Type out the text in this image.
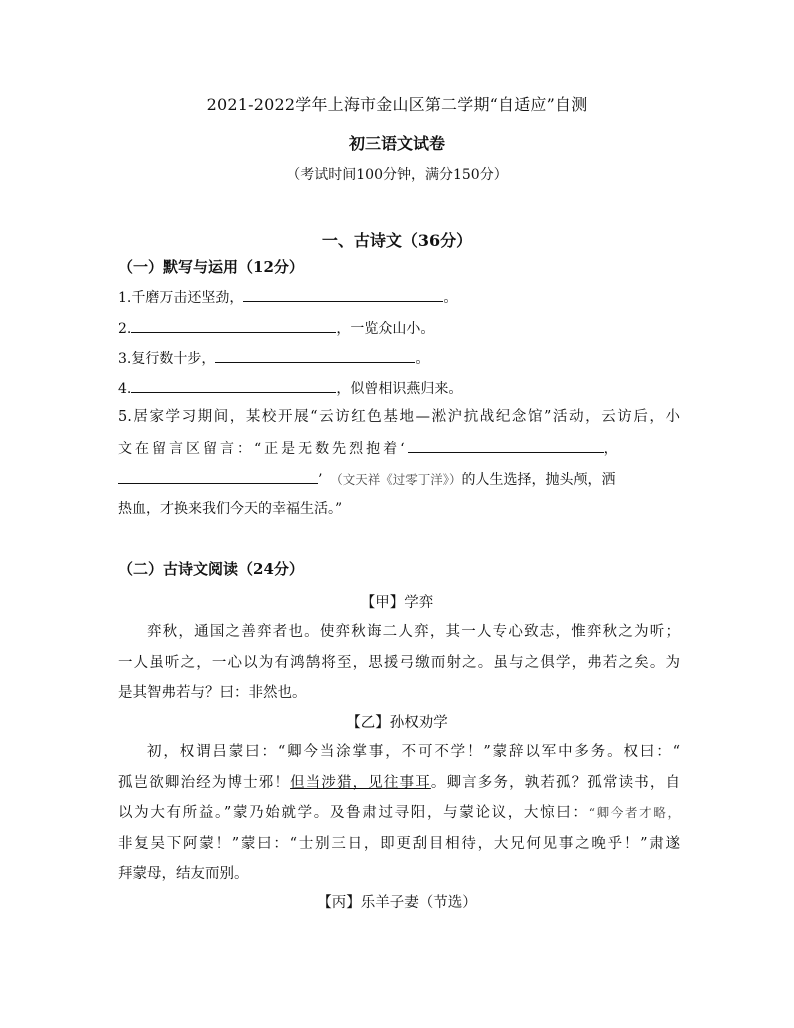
2021-2022学年上海市金山区第二学期“自适应”自测
初三语文试卷
（考试时间100分钟，满分150分）
一、古诗文（36分）
（一）默写与运用（12分）
1.千磨万击还坚劲，	。
2.	，一览众山小。
3.复行数十步，	。
4.	，似曾相识燕归来。
5.居家学习期间，某校开展“云访红色基地—淞沪抗战纪念馆”活动，云访后，小
文在留言区留言：“正是无数先烈抱着‘	，
’ （文天祥《过零丁洋》）的人生选择，抛头颅，洒
热血，才换来我们今天的幸福生活。”
（二）古诗文阅读（24分）
【甲】学弈
弈秋，通国之善弈者也。使弈秋诲二人弈，其一人专心致志，惟弈秋之为听；
一人虽听之，一心以为有鸿鹄将至，思援弓缴而射之。虽与之俱学，弗若之矣。为
是其智弗若与？曰：非然也。
【乙】孙权劝学
初，权谓吕蒙曰：“卿今当涂掌事，不可不学！”蒙辞以军中多务。权曰：“
孤岂欲卿治经为博士邪！但当涉猎，见往事耳。卿言多务，孰若孤？孤常读书，自
以为大有所益。”蒙乃始就学。及鲁肃过寻阳，与蒙论议，大惊曰：“卿今者才略，
非复吴下阿蒙！”蒙曰：“士别三日，即更刮目相待，大兄何见事之晚乎！”肃遂
拜蒙母，结友而别。
【丙】乐羊子妻（节选）
